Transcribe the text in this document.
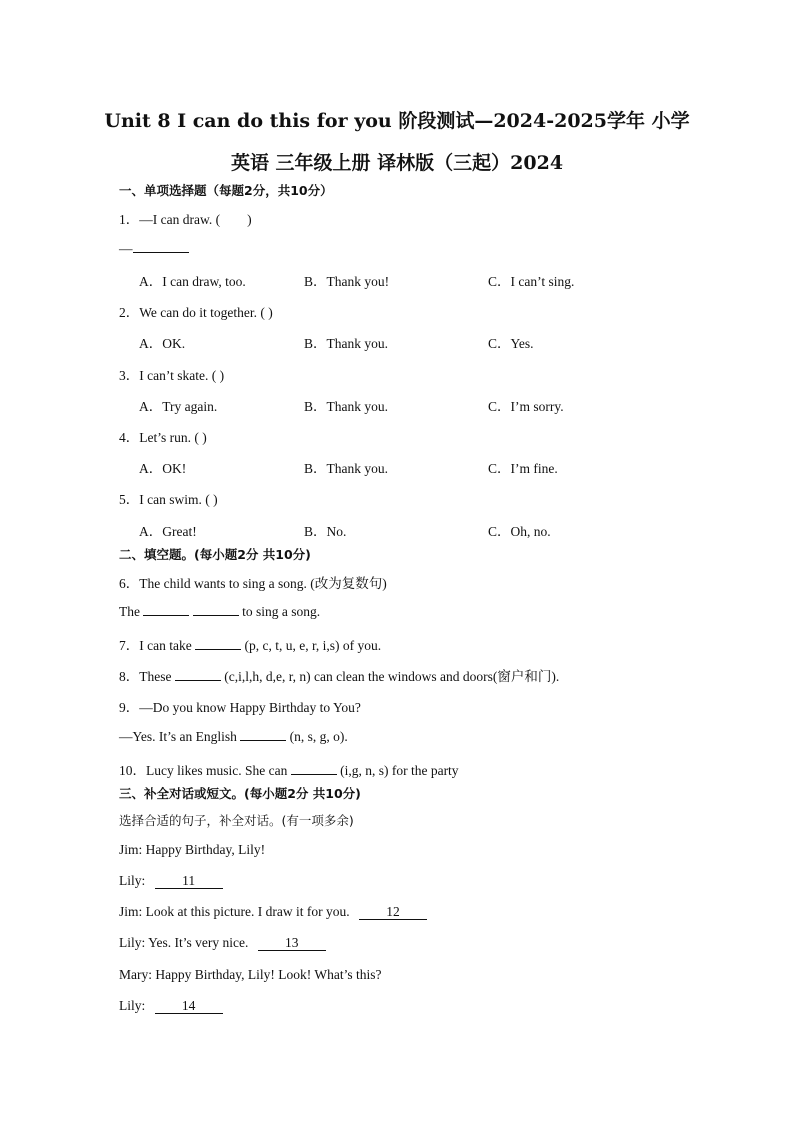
Unit 8 I can do this for you 阶段测试—2024-2025学年 小学
英语 三年级上册 译林版（三起）2024
一、单项选择题（每题2分，共10分）
1．—I can draw. (　　)
—
A．I can draw, too.	B．Thank you!	C．I can’t sing.
2．We can do it together. ( )
A．OK.	B．Thank you.	C．Yes.
3．I can’t skate. ( )
A．Try again.	B．Thank you.	C．I’m sorry.
4．Let’s run. ( )
A．OK!	B．Thank you.	C．I’m fine.
5．I can swim. ( )
A．Great!	B．No.	C．Oh, no.
二、填空题。(每小题2分 共10分)
6．The child wants to sing a song. (改为复数句)
The	to sing a song.
7．I can take	(p, c, t, u, e, r, i,s) of you.
8．These	(c,i,l,h, d,e, r, n) can clean the windows and doors(窗户和门).
9．—Do you know Happy Birthday to You?
—Yes. It’s an English	(n, s, g, o).
10．Lucy likes music. She can	(i,g, n, s) for the party
三、补全对话或短文。(每小题2分 共10分)
选择合适的句子，补全对话。(有一项多余)
Jim: Happy Birthday, Lily!
Lily:	11
Jim: Look at this picture. I draw it for you.	12
Lily: Yes. It’s very nice.	13
Mary: Happy Birthday, Lily! Look! What’s this?
Lily:	14
